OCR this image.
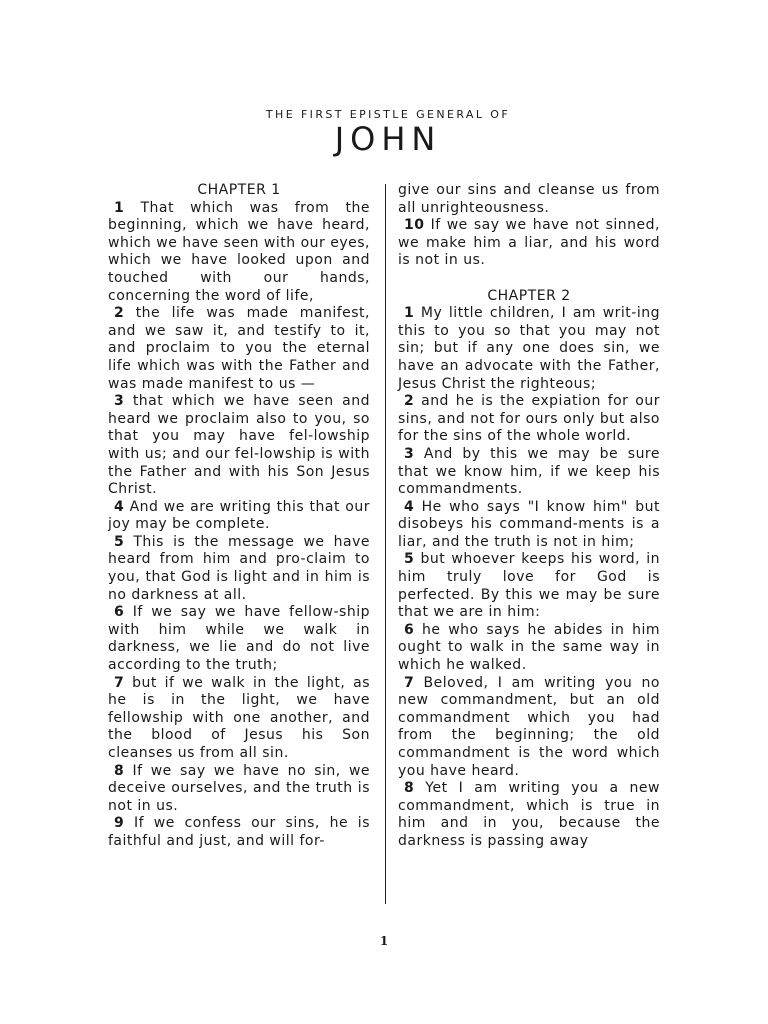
THE FIRST EPISTLE GENERAL OF
JOHN

CHAPTER 1

1 That which was from the beginning, which we have heard, which we have seen with our eyes, which we have looked upon and touched with our hands, concerning the word of life,

2 the life was made manifest, and we saw it, and testify to it, and proclaim to you the eternal life which was with the Father and was made manifest to us —

3 that which we have seen and heard we proclaim also to you, so that you may have fel-lowship with us; and our fel-lowship is with the Father and with his Son Jesus Christ.

4 And we are writing this that our joy may be complete.

5 This is the message we have heard from him and pro-claim to you, that God is light and in him is no darkness at all.

6 If we say we have fellow-ship with him while we walk in darkness, we lie and do not live according to the truth;

7 but if we walk in the light, as he is in the light, we have fellowship with one another, and the blood of Jesus his Son cleanses us from all sin.

8 If we say we have no sin, we deceive ourselves, and the truth is not in us.

9 If we confess our sins, he is faithful and just, and will for-

give our sins and cleanse us from all unrighteousness.

10 If we say we have not sinned, we make him a liar, and his word is not in us.

CHAPTER 2

1 My little children, I am writ-ing this to you so that you may not sin; but if any one does sin, we have an advocate with the Father, Jesus Christ the righteous;

2 and he is the expiation for our sins, and not for ours only but also for the sins of the whole world.

3 And by this we may be sure that we know him, if we keep his commandments.

4 He who says "I know him" but disobeys his command-ments is a liar, and the truth is not in him;

5 but whoever keeps his word, in him truly love for God is perfected. By this we may be sure that we are in him:

6 he who says he abides in him ought to walk in the same way in which he walked.

7 Beloved, I am writing you no new commandment, but an old commandment which you had from the beginning; the old commandment is the word which you have heard.

8 Yet I am writing you a new commandment, which is true in him and in you, because the darkness is passing away

1
